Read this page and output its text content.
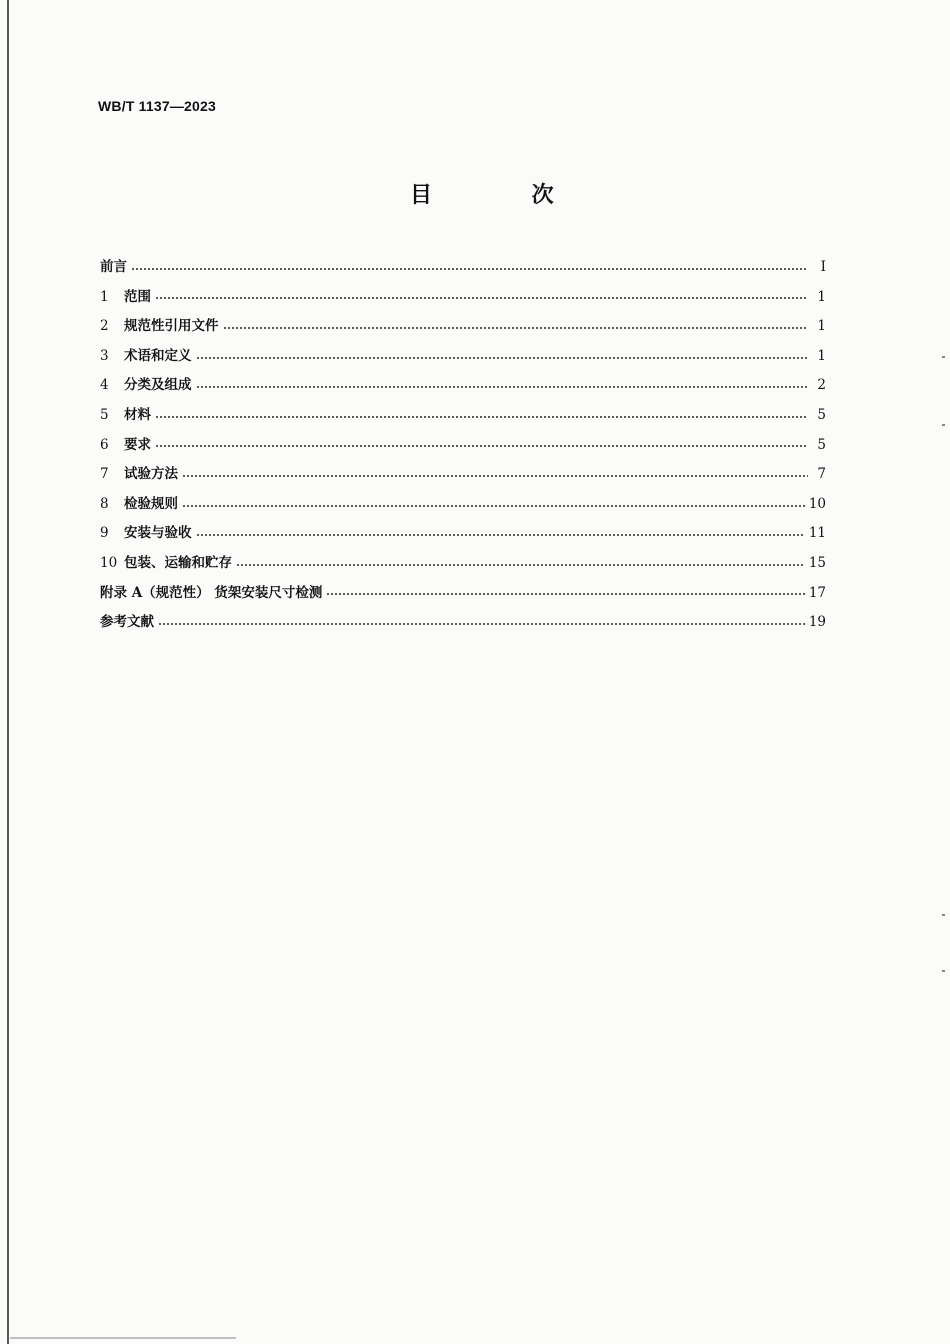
WB/T 1137—2023
目 次
前言	I
1 范围	1
2 规范性引用文件	1
3 术语和定义	1
4 分类及组成	2
5 材料	5
6 要求	5
7 试验方法	7
8 检验规则	10
9 安装与验收	11
10 包装、运输和贮存	15
附录 A（规范性） 货架安装尺寸检测	17
参考文献	19
